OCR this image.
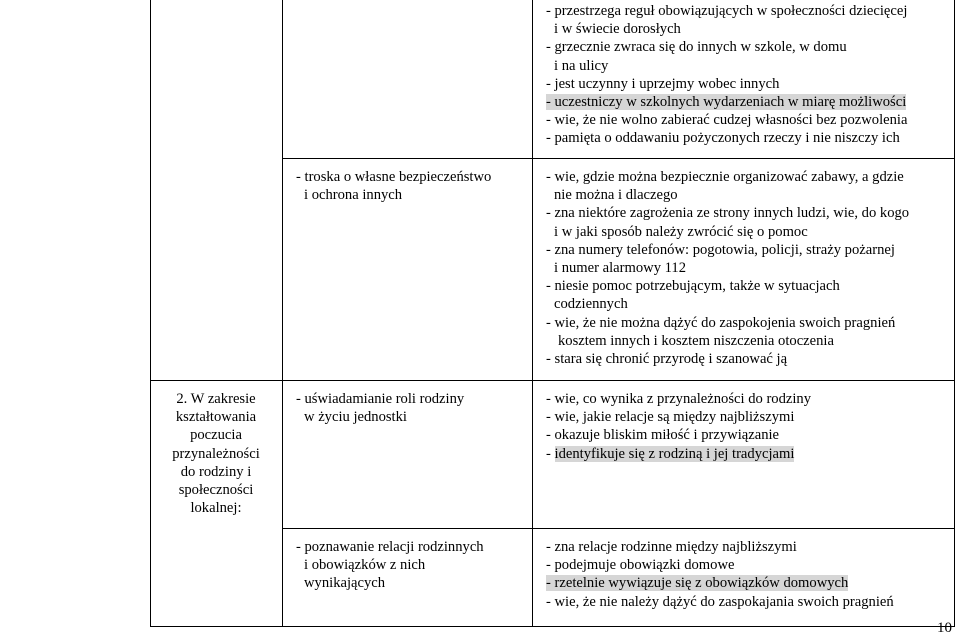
- przestrzega reguł obowiązujących w społeczności dziecięcej
i w świecie dorosłych
- grzecznie zwraca się do innych w szkole, w domu
i na ulicy
- jest uczynny i uprzejmy wobec innych
- uczestniczy w szkolnych wydarzeniach w miarę możliwości
- wie, że nie wolno zabierać cudzej własności bez pozwolenia
- pamięta o oddawaniu pożyczonych rzeczy i nie niszczy ich
- troska o własne bezpieczeństwo
i ochrona innych
- wie, gdzie można bezpiecznie organizować zabawy, a gdzie
nie można i dlaczego
- zna niektóre zagrożenia ze strony innych ludzi, wie, do kogo
i w jaki sposób należy zwrócić się o pomoc
- zna numery telefonów: pogotowia, policji, straży pożarnej
i numer alarmowy 112
- niesie pomoc potrzebującym, także w sytuacjach
codziennych
- wie, że nie można dążyć do zaspokojenia swoich pragnień
kosztem innych i kosztem niszczenia otoczenia
- stara się chronić przyrodę i szanować ją
2. W zakresie
kształtowania
poczucia
przynależności
do rodziny i
społeczności
lokalnej:
- uświadamianie roli rodziny
w życiu jednostki
- wie, co wynika z przynależności do rodziny
- wie, jakie relacje są między najbliższymi
- okazuje bliskim miłość i przywiązanie
- identyfikuje się z rodziną i jej tradycjami
- poznawanie relacji rodzinnych
i obowiązków z nich
wynikających
- zna relacje rodzinne między najbliższymi
- podejmuje obowiązki domowe
- rzetelnie wywiązuje się z obowiązków domowych
- wie, że nie należy dążyć do zaspokajania swoich pragnień
10
